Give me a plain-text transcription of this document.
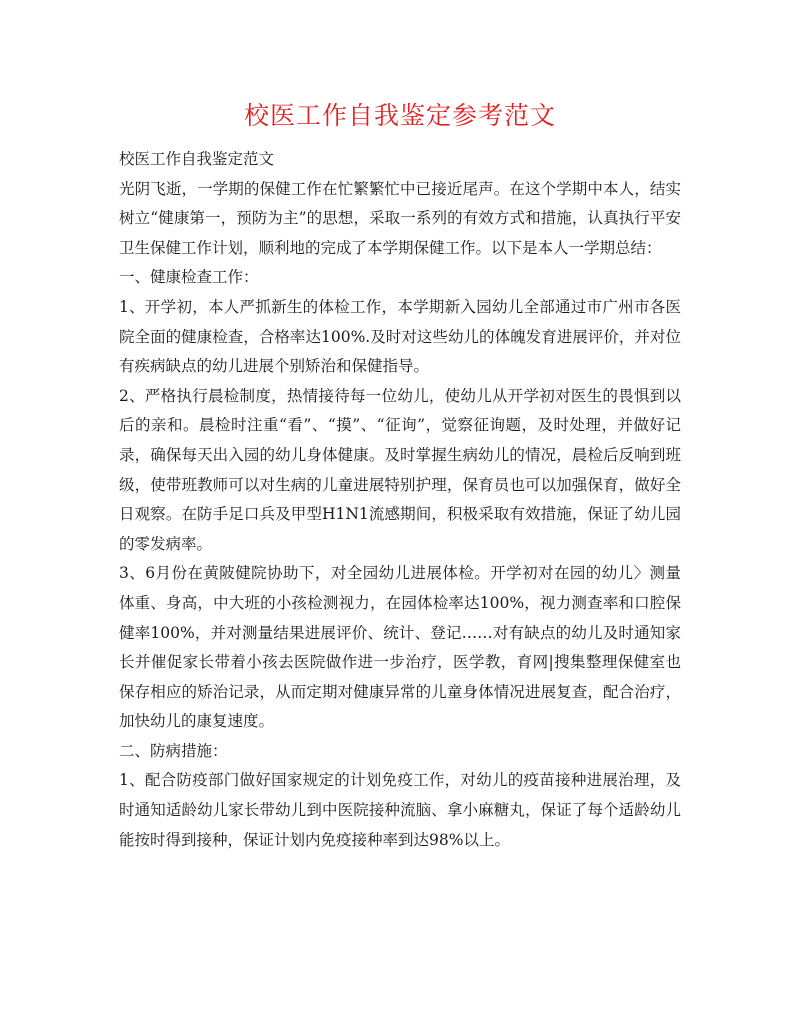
校医工作自我鉴定参考范文

校医工作自我鉴定范文

光阴飞逝，一学期的保健工作在忙繁繁忙中已接近尾声。在这个学期中本人，结实树立“健康第一，预防为主”的思想，采取一系列的有效方式和措施，认真执行平安卫生保健工作计划，顺利地的完成了本学期保健工作。以下是本人一学期总结：

一、健康检查工作：

1、开学初，本人严抓新生的体检工作，本学期新入园幼儿全部通过市广州市各医院全面的健康检查，合格率达100%.及时对这些幼儿的体魄发育进展评价，并对位有疾病缺点的幼儿进展个别矫治和保健指导。

2、严格执行晨检制度，热情接待每一位幼儿，使幼儿从开学初对医生的畏惧到以后的亲和。晨检时注重“看”、“摸”、“征询”，觉察征询题，及时处理，并做好记录，确保每天出入园的幼儿身体健康。及时掌握生病幼儿的情况，晨检后反响到班级，使带班教师可以对生病的儿童进展特别护理，保育员也可以加强保育，做好全日观察。在防手足口兵及甲型H1N1流感期间，积极采取有效措施，保证了幼儿园的零发病率。

3、6月份在黄陂健院协助下，对全园幼儿进展体检。开学初对在园的幼儿〉测量体重、身高，中大班的小孩检测视力，在园体检率达100%，视力测查率和口腔保健率100%，并对测量结果进展评价、统计、登记……对有缺点的幼儿及时通知家长并催促家长带着小孩去医院做作进一步治疗，医学教，育网|搜集整理保健室也保存相应的矫治记录，从而定期对健康异常的儿童身体情况进展复查，配合治疗，加快幼儿的康复速度。

二、防病措施：

1、配合防疫部门做好国家规定的计划免疫工作，对幼儿的疫苗接种进展治理，及时通知适龄幼儿家长带幼儿到中医院接种流脑、拿小麻糖丸，保证了每个适龄幼儿能按时得到接种，保证计划内免疫接种率到达98%以上。
